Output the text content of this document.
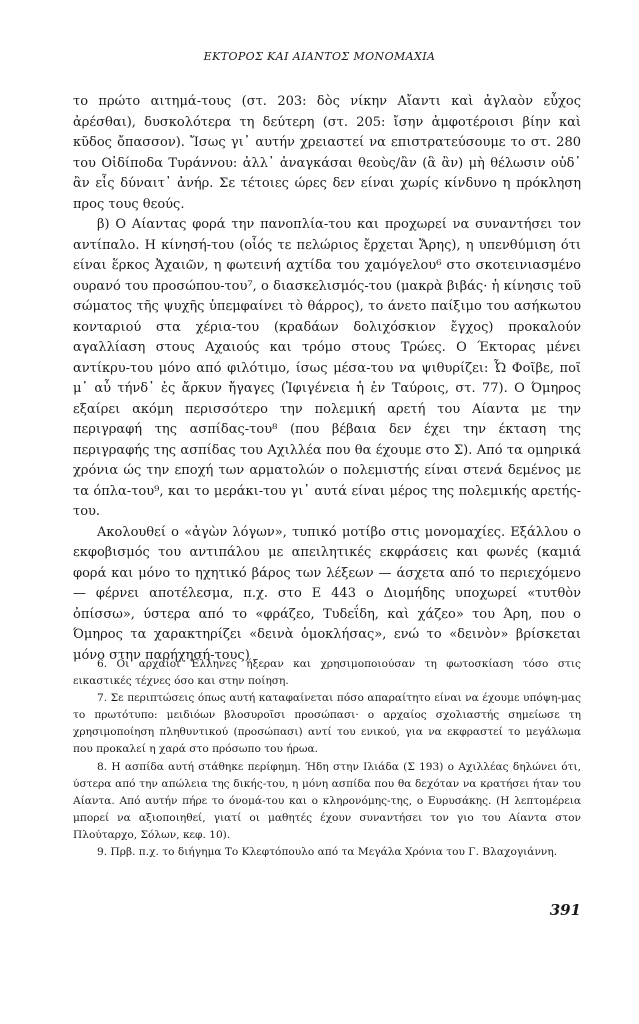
ΕΚΤΟΡΟΣ ΚΑΙ ΑΙΑΝΤΟΣ ΜΟΝΟΜΑΧΙΑ

το πρώτο αιτημά-τους (στ. 203: δὸς νίκην Αἴαντι καὶ ἀγλαὸν εὖχος ἀρέσθαι), δυσκολότερα τη δεύτερη (στ. 205: ἴσην ἀμφοτέροισι βίην καὶ κῦδος ὄπασσον). Ἴσως γι᾽ αυτήν χρειαστεί να επιστρατεύσουμε το στ. 280 του Οἰδίποδα Τυράννου: ἀλλ᾽ ἀναγκάσαι θεοὺς/ἂν (ἃ ἂν) μὴ θέλωσιν οὐδ᾽ ἂν εἷς δύναιτ᾽ ἀνήρ. Σε τέτοιες ώρες δεν είναι χωρίς κίνδυνο η πρόκληση προς τους θεούς.

β) Ο Αίαντας φορά την πανοπλία-του και προχωρεί να συναντήσει τον αντίπαλο. Η κίνησή-του (οἷός τε πελώριος ἔρχεται Ἄρης), η υπενθύμιση ότι είναι ἕρκος Ἀχαιῶν, η φωτεινή αχτίδα του χαμόγελου⁶ στο σκοτεινιασμένο ουρανό του προσώπου-του⁷, ο διασκελισμός-του (μακρὰ βιβάς· ἡ κίνησις τοῦ σώματος τῆς ψυχῆς ὑπεμφαίνει τὸ θάρρος), το άνετο παίξιμο του ασήκωτου κονταριού στα χέρια-του (κραδάων δολιχόσκιον ἔγχος) προκαλούν αγαλλίαση στους Αχαιούς και τρόμο στους Τρώες. Ο Έκτορας μένει αντίκρυ-του μόνο από φιλότιμο, ίσως μέσα-του να ψιθυρίζει: Ὦ Φοῖβε, ποῖ μ᾽ αὖ τήνδ᾽ ἐς ἄρκυν ἤγαγες (Ἰφιγένεια ἡ ἐν Ταύροις, στ. 77). Ο Όμηρος εξαίρει ακόμη περισσότερο την πολεμική αρετή του Αίαντα με την περιγραφή της ασπίδας-του⁸ (που βέβαια δεν έχει την έκταση της περιγραφής της ασπίδας του Αχιλλέα που θα έχουμε στο Σ). Από τα ομηρικά χρόνια ώς την εποχή των αρματολών ο πολεμιστής είναι στενά δεμένος με τα όπλα-του⁹, και το μεράκι-του γι᾽ αυτά είναι μέρος της πολεμικής αρετής-του.

Ακολουθεί ο «ἀγὼν λόγων», τυπικό μοτίβο στις μονομαχίες. Εξάλλου ο εκφοβισμός του αντιπάλου με απειλητικές εκφράσεις και φωνές (καμιά φορά και μόνο το ηχητικό βάρος των λέξεων — άσχετα από το περιεχόμενο — φέρνει αποτέλεσμα, π.χ. στο Ε 443 ο Διομήδης υποχωρεί «τυτθὸν ὀπίσσω», ύστερα από το «φράζεο, Τυδεΐδη, καὶ χάζεο» του Άρη, που ο Όμηρος τα χαρακτηρίζει «δεινὰ ὁμοκλήσας», ενώ το «δεινὸν» βρίσκεται μόνο στην παρήχησή-τους)

6. Οι αρχαίοι Έλληνες ήξεραν και χρησιμοποιούσαν τη φωτοσκίαση τόσο στις εικαστικές τέχνες όσο και στην ποίηση.

7. Σε περιπτώσεις όπως αυτή καταφαίνεται πόσο απαραίτητο είναι να έχουμε υπόψη-μας το πρωτότυπο: μειδιόων βλοσυροῖσι προσώπασι· ο αρχαίος σχολιαστής σημείωσε τη χρησιμοποίηση πληθυντικού (προσώπασι) αντί του ενικού, για να εκφραστεί το μεγάλωμα που προκαλεί η χαρά στο πρόσωπο του ήρωα.

8. Η ασπίδα αυτή στάθηκε περίφημη. Ήδη στην Ιλιάδα (Σ 193) ο Αχιλλέας δηλώνει ότι, ύστερα από την απώλεια της δικής-του, η μόνη ασπίδα που θα δεχόταν να κρατήσει ήταν του Αίαντα. Από αυτήν πήρε το όνομά-του και ο κληρονόμης-της, ο Ευρυσάκης. (Η λεπτομέρεια μπορεί να αξιοποιηθεί, γιατί οι μαθητές έχουν συναντήσει τον γιο του Αίαντα στον Πλούταρχο, Σόλων, κεφ. 10).

9. Πρβ. π.χ. το διήγημα Το Κλεφτόπουλο από τα Μεγάλα Χρόνια του Γ. Βλαχογιάννη.

391
